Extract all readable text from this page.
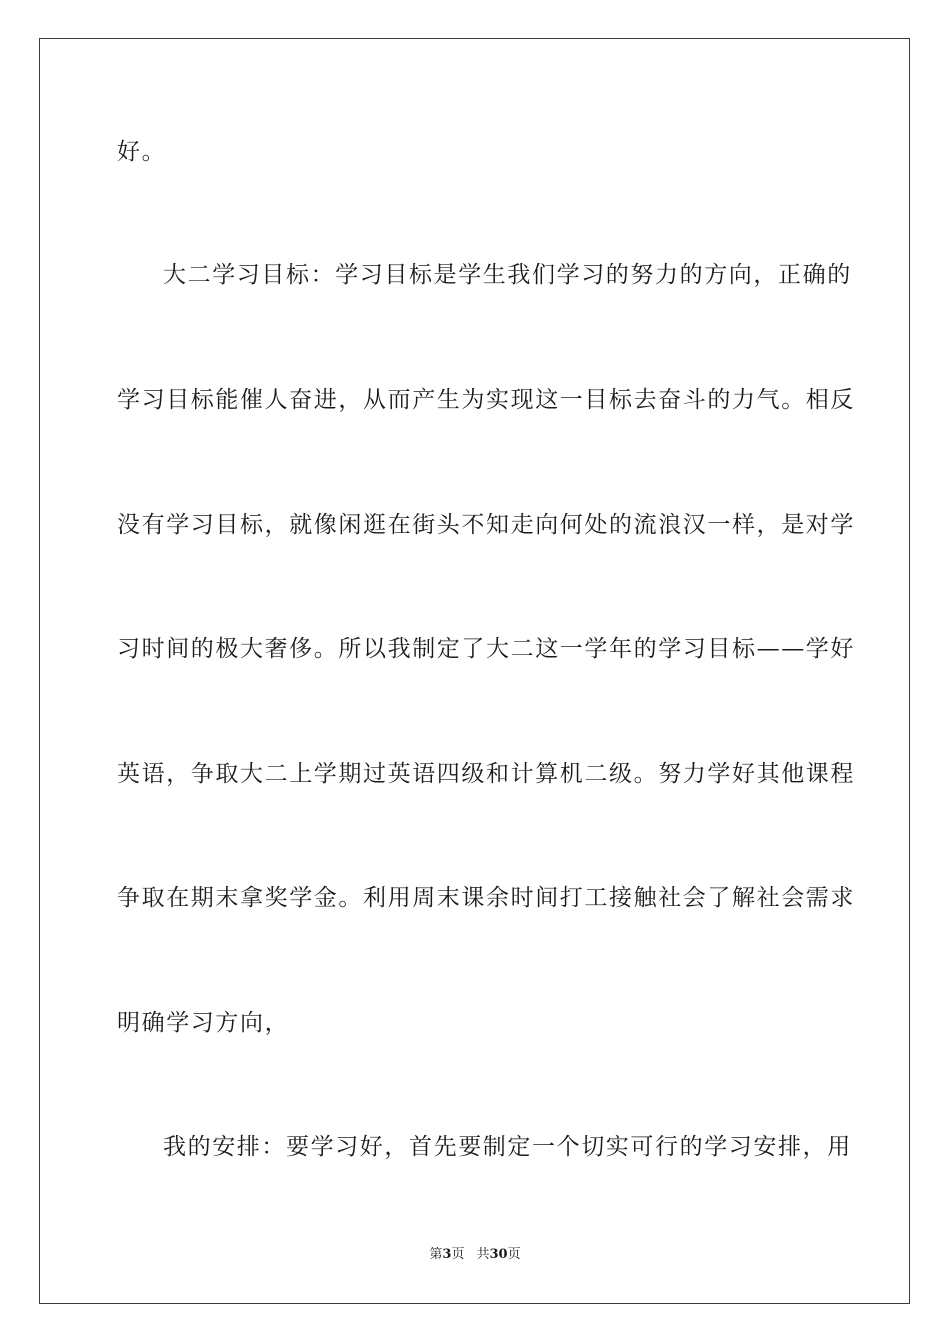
好。
大二学习目标：学习目标是学生我们学习的努力的方向，正确的
学习目标能催人奋进，从而产生为实现这一目标去奋斗的力气。相反
没有学习目标，就像闲逛在街头不知走向何处的流浪汉一样，是对学
习时间的极大奢侈。所以我制定了大二这一学年的学习目标——学好
英语，争取大二上学期过英语四级和计算机二级。努力学好其他课程
争取在期末拿奖学金。利用周末课余时间打工接触社会了解社会需求
明确学习方向，
我的安排：要学习好，首先要制定一个切实可行的学习安排，用
第3页 共30页
